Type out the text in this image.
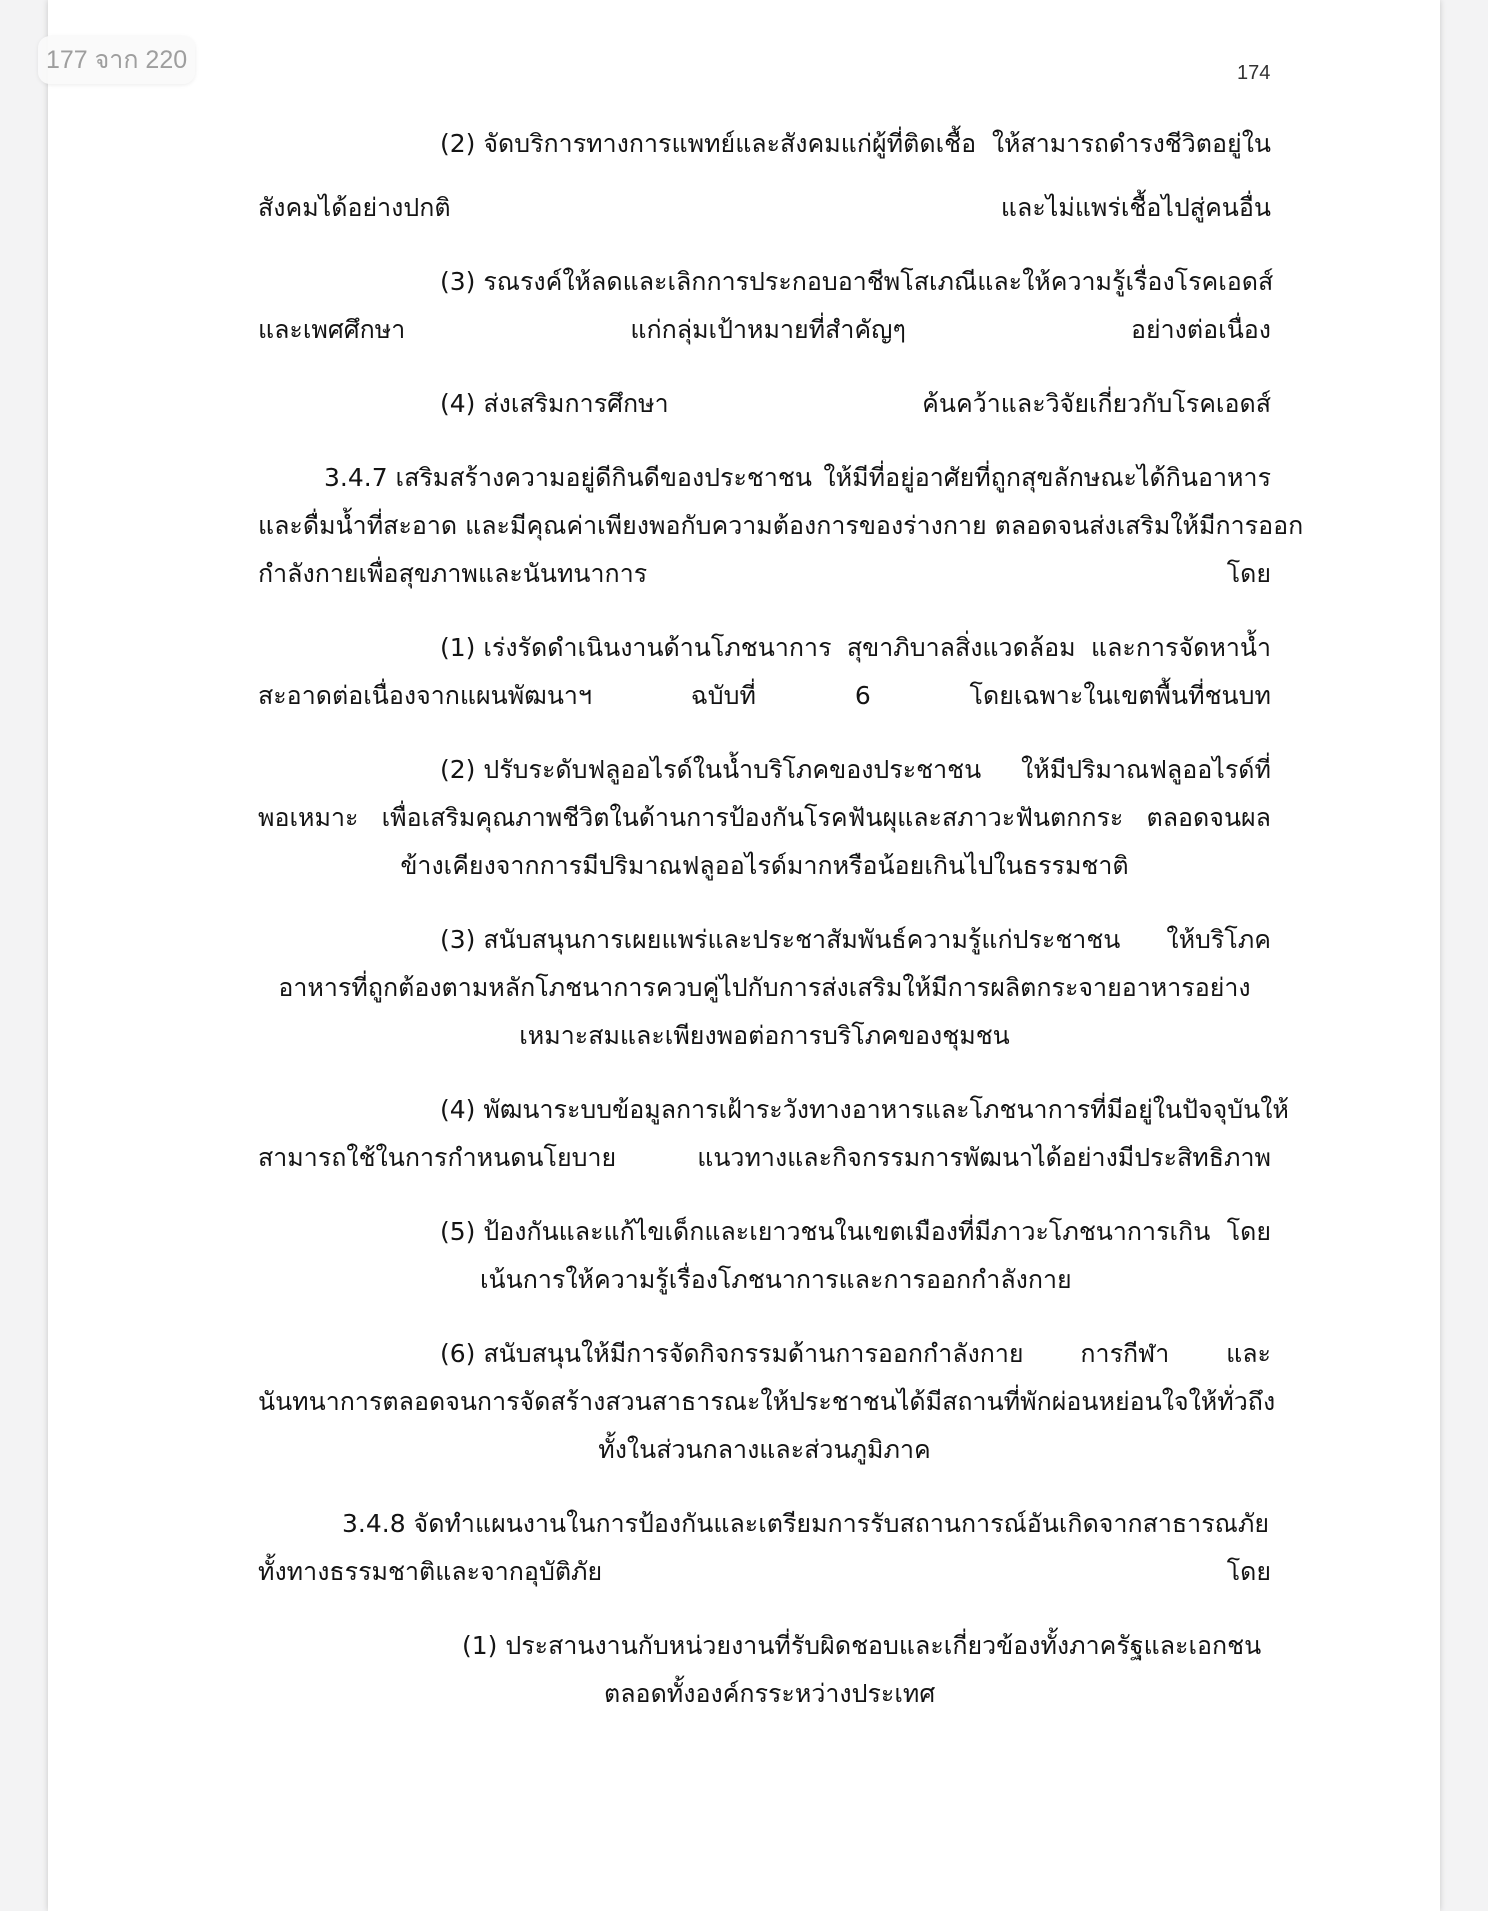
177 จาก 220	174
(2) จัดบริการทางการแพทย์และสังคมแก่ผู้ที่ติดเชื้อ ให้สามารถดำรงชีวิตอยู่ใน
สังคมได้อย่างปกติ	และไม่แพร่เชื้อไปสู่คนอื่น
(3) รณรงค์ให้ลดและเลิกการประกอบอาชีพโสเภณี และให้ความรู้เรื่องโรคเอดส์
และเพศศึกษา	แก่กลุ่มเป้าหมายที่สำคัญๆ	อย่างต่อเนื่อง
(4) ส่งเสริมการศึกษา	ค้นคว้าและวิจัยเกี่ยวกับโรคเอดส์
3.4.7 เสริมสร้างความอยู่ดีกินดีของประชาชน ให้มีที่อยู่อาศัยที่ถูกสุขลักษณะได้กินอาหาร
และดื่มน้ำที่สะอาด และมีคุณค่าเพียงพอกับความต้องการของร่างกาย ตลอดจนส่งเสริมให้มีการออก
กำลังกายเพื่อสุขภาพและนันทนาการ	โดย
(1) เร่งรัดดำเนินงานด้านโภชนาการ สุขาภิบาลสิ่งแวดล้อม และการจัดหาน้ำ
สะอาดต่อเนื่องจากแผนพัฒนาฯ	ฉบับที่	6	โดยเฉพาะในเขตพื้นที่ชนบท
(2) ปรับระดับฟลูออไรด์ในน้ำบริโภคของประชาชน ให้มีปริมาณฟลูออไรด์ที่
พอเหมาะ เพื่อเสริมคุณภาพชีวิตในด้านการป้องกันโรคฟันผุและสภาวะฟันตกกระ ตลอดจนผล
ข้างเคียงจากการมีปริมาณฟลูออไรด์มากหรือน้อยเกินไปในธรรมชาติ
(3) สนับสนุนการเผยแพร่และประชาสัมพันธ์ความรู้แก่ประชาชน ให้บริโภค
อาหารที่ถูกต้องตามหลักโภชนาการควบคู่ไปกับการส่งเสริมให้มีการผลิตกระจายอาหารอย่าง
เหมาะสมและเพียงพอต่อการบริโภคของชุมชน
(4) พัฒนาระบบข้อมูลการเฝ้าระวังทางอาหารและโภชนาการที่มีอยู่ในปัจจุบัน ให้
สามารถใช้ในการกำหนดนโยบาย	แนวทางและกิจกรรมการพัฒนาได้อย่างมีประสิทธิภาพ
(5) ป้องกันและแก้ไขเด็กและเยาวชนในเขตเมืองที่มีภาวะโภชนาการเกิน โดย
เน้นการให้ความรู้เรื่องโภชนาการและการออกกำลังกาย
(6) สนับสนุนให้มีการจัดกิจกรรมด้านการออกกำลังกาย การกีฬา และ
นันทนาการ ตลอดจนการจัดสร้างสวนสาธารณะให้ประชาชนได้มีสถานที่พักผ่อนหย่อนใจให้ทั่วถึง
ทั้งในส่วนกลางและส่วนภูมิภาค
3.4.8 จัดทำแผนงานในการป้องกันและเตรียมการรับสถานการณ์อันเกิดจากสาธารณภัย
ทั้งทางธรรมชาติและจากอุบัติภัย	โดย
(1) ประสานงานกับหน่วยงานที่รับผิดชอบและเกี่ยวข้องทั้งภาครัฐและเอกชน
ตลอดทั้งองค์กรระหว่างประเทศ
